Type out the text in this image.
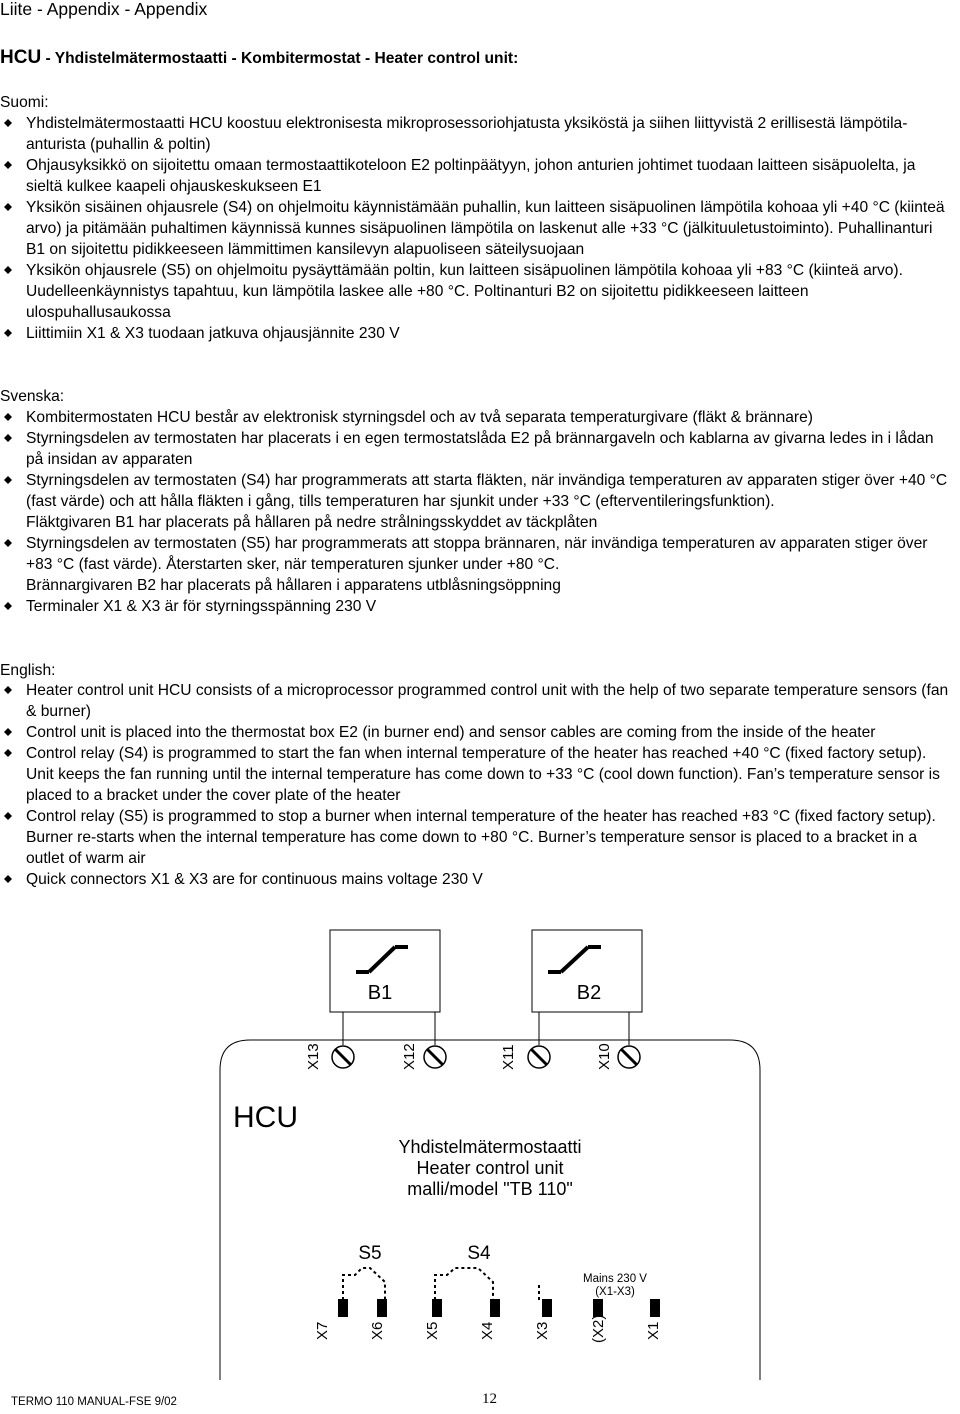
Liite - Appendix - Appendix
HCU - Yhdistelmätermostaatti - Kombitermostat - Heater control unit:
Suomi:
Yhdistelmätermostaatti HCU koostuu elektronisesta mikroprosessoriohjatusta yksiköstä ja siihen liittyvistä 2 erillisestä lämpötila-anturista (puhallin & poltin)
Ohjausyksikkö on sijoitettu omaan termostaattikoteloon E2 poltinpäätyyn, johon anturien johtimet tuodaan laitteen sisäpuolelta, ja sieltä kulkee kaapeli ohjauskeskukseen E1
Yksikön sisäinen ohjausrele (S4) on ohjelmoitu käynnistämään puhallin, kun laitteen sisäpuolinen lämpötila kohoaa yli +40 °C (kiinteä arvo) ja pitämään puhaltimen käynnissä kunnes sisäpuolinen lämpötila on laskenut alle +33 °C (jälkituuletustoiminto). Puhallinanturi B1 on sijoitettu pidikkeeseen lämmittimen kansilevyn alapuoliseen säteilysuojaan
Yksikön ohjausrele (S5) on ohjelmoitu pysäyttämään poltin, kun laitteen sisäpuolinen lämpötila kohoaa yli +83 °C (kiinteä arvo). Uudelleenkäynnistys tapahtuu, kun lämpötila laskee alle +80 °C. Poltinanturi B2 on sijoitettu pidikkeeseen laitteen ulospuhallusaukossa
Liittimiin X1 & X3 tuodaan jatkuva ohjausjännite 230 V
Svenska:
Kombitermostaten HCU består av elektronisk styrningsdel och av två separata temperaturgivare (fläkt & brännare)
Styrningsdelen av termostaten har placerats i en egen termostatslåda E2 på brännargaveln och kablarna av givarna ledes in i lådan på insidan av apparaten
Styrningsdelen av termostaten (S4) har programmerats att starta fläkten, när invändiga temperaturen av apparaten stiger över +40 °C (fast värde) och att hålla fläkten i gång, tills temperaturen har sjunkit under +33 °C (efterventileringsfunktion).
Fläktgivaren B1 har placerats på hållaren på nedre strålningsskyddet av täckplåten
Styrningsdelen av termostaten (S5) har programmerats att stoppa brännaren, när invändiga temperaturen av apparaten stiger över +83 °C (fast värde). Återstarten sker, när temperaturen sjunker under +80 °C.
Brännargivaren B2 har placerats på hållaren i apparatens utblåsningsöppning
Terminaler X1 & X3 är för styrningsspänning 230 V
English:
Heater control unit HCU consists of a microprocessor programmed control unit with the help of two separate temperature sensors (fan & burner)
Control unit is placed into the thermostat box E2 (in burner end) and sensor cables are coming from the inside of the heater
Control relay (S4) is programmed to start the fan when internal temperature of the heater has reached +40 °C (fixed factory setup). Unit keeps the fan running until the internal temperature has come down to +33 °C (cool down function). Fan’s temperature sensor is placed to a bracket under the cover plate of the heater
Control relay (S5) is programmed to stop a burner when internal temperature of the heater has reached +83 °C (fixed factory setup). Burner re-starts when the internal temperature has come down to +80 °C. Burner’s temperature sensor is placed to a bracket in a outlet of warm air
Quick connectors X1 & X3 are for continuous mains voltage 230 V
B1	B2
X13	X12	X11	X10
HCU
Yhdistelmätermostaatti
Heater control unit
malli/model "TB 110"
S5	S4
Mains 230 V
(X1-X3)
X7	X6	X5	X4	X3	(X2)	X1
TERMO 110 MANUAL-FSE 9/02	12
